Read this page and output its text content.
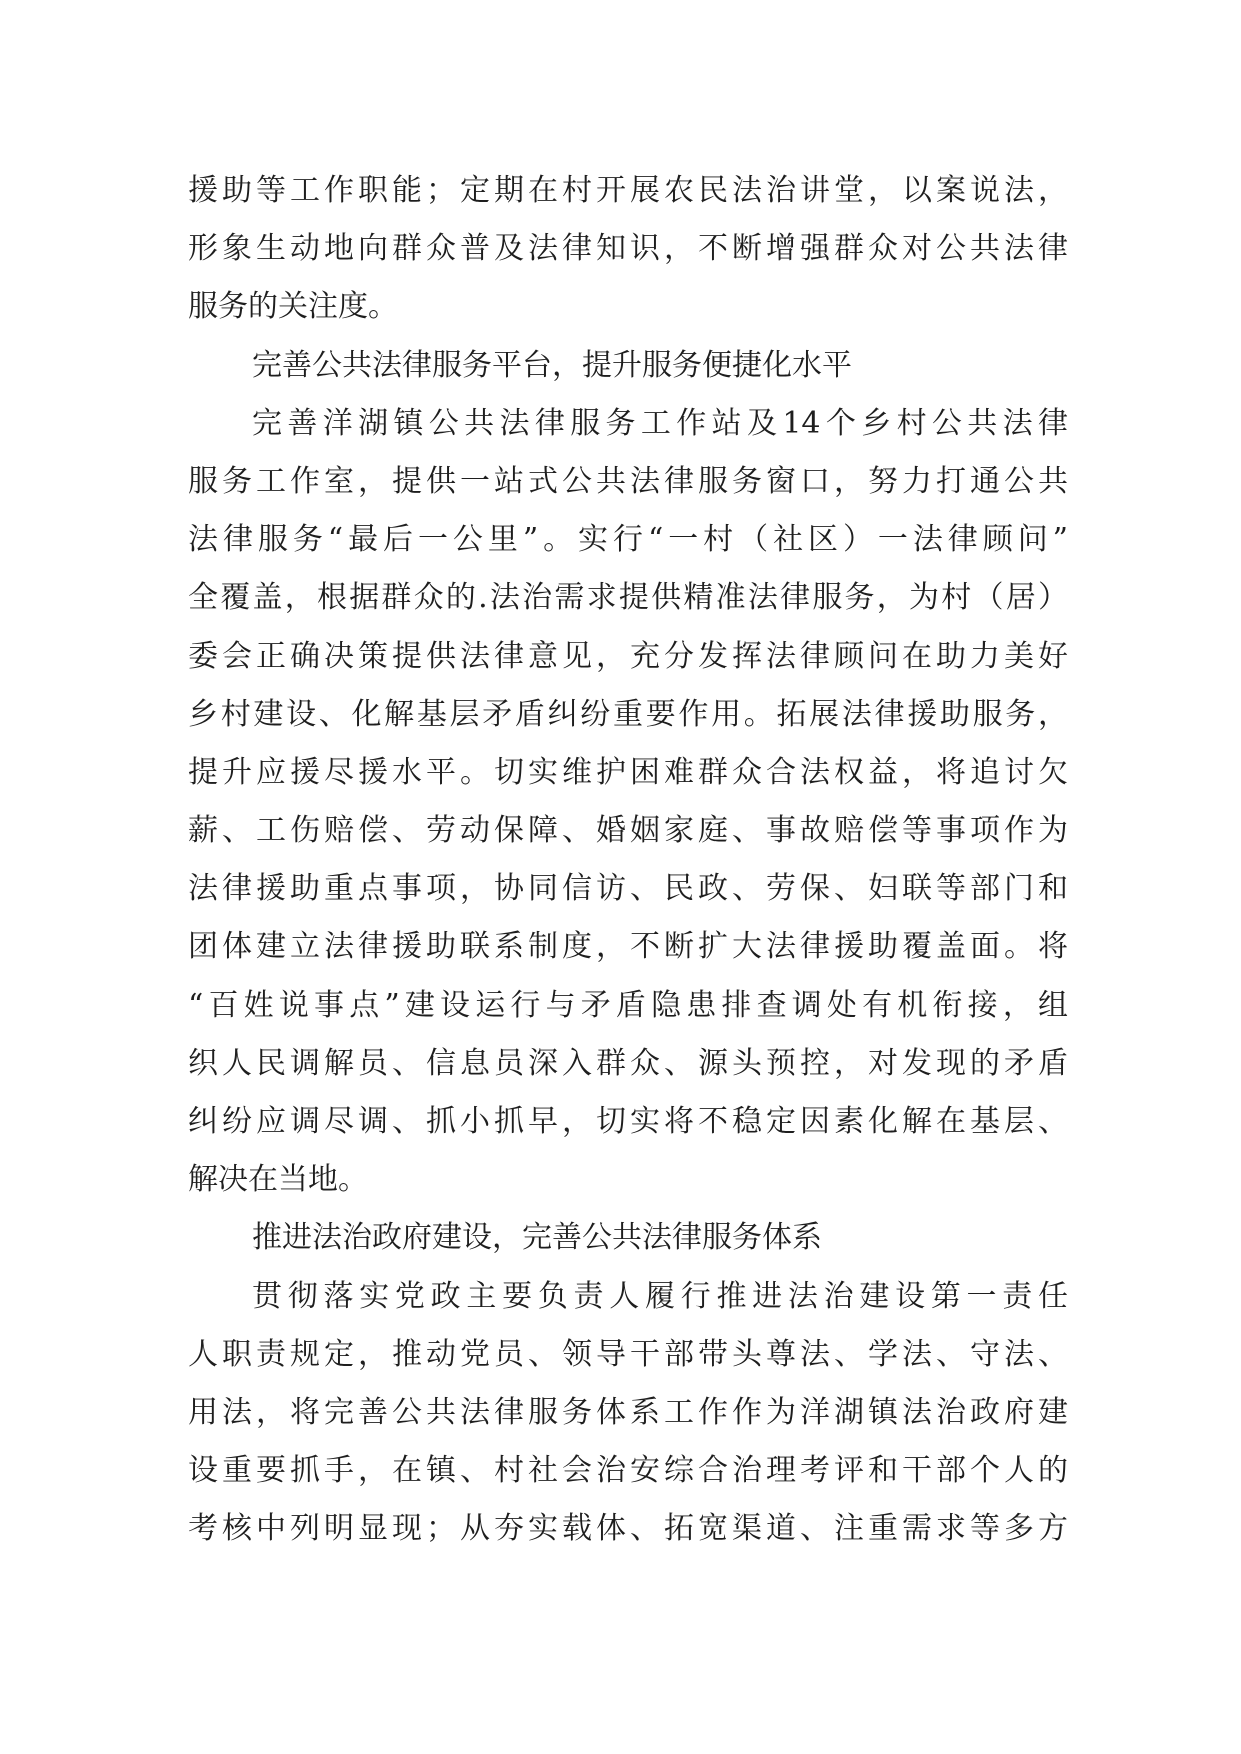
援助等工作职能；定期在村开展农民法治讲堂，以案说法，
形象生动地向群众普及法律知识，不断增强群众对公共法律
服务的关注度。
完善公共法律服务平台，提升服务便捷化水平
完善洋湖镇公共法律服务工作站及14个乡村公共法律
服务工作室，提供一站式公共法律服务窗口，努力打通公共
法律服务“最后一公里”。实行“一村（社区）一法律顾问”
全覆盖，根据群众的.法治需求提供精准法律服务，为村（居）
委会正确决策提供法律意见，充分发挥法律顾问在助力美好
乡村建设、化解基层矛盾纠纷重要作用。拓展法律援助服务，
提升应援尽援水平。切实维护困难群众合法权益，将追讨欠
薪、工伤赔偿、劳动保障、婚姻家庭、事故赔偿等事项作为
法律援助重点事项，协同信访、民政、劳保、妇联等部门和
团体建立法律援助联系制度，不断扩大法律援助覆盖面。将
“百姓说事点”建设运行与矛盾隐患排查调处有机衔接，组
织人民调解员、信息员深入群众、源头预控，对发现的矛盾
纠纷应调尽调、抓小抓早，切实将不稳定因素化解在基层、
解决在当地。
推进法治政府建设，完善公共法律服务体系
贯彻落实党政主要负责人履行推进法治建设第一责任
人职责规定，推动党员、领导干部带头尊法、学法、守法、
用法，将完善公共法律服务体系工作作为洋湖镇法治政府建
设重要抓手，在镇、村社会治安综合治理考评和干部个人的
考核中列明显现；从夯实载体、拓宽渠道、注重需求等多方
